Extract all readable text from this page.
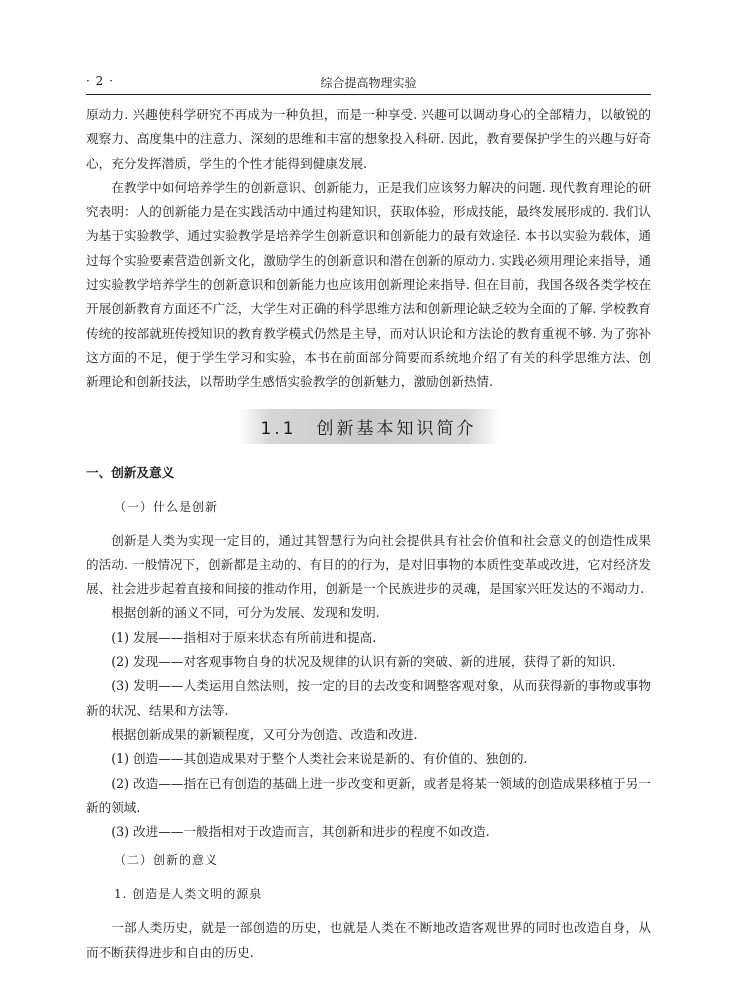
· 2 ·	综合提高物理实验

原动力. 兴趣使科学研究不再成为一种负担，而是一种享受. 兴趣可以调动身心的全部精力，以敏锐的观察力、高度集中的注意力、深刻的思维和丰富的想象投入科研. 因此，教育要保护学生的兴趣与好奇心，充分发挥潜质，学生的个性才能得到健康发展.

在教学中如何培养学生的创新意识、创新能力，正是我们应该努力解决的问题. 现代教育理论的研究表明：人的创新能力是在实践活动中通过构建知识，获取体验，形成技能，最终发展形成的. 我们认为基于实验教学、通过实验教学是培养学生创新意识和创新能力的最有效途径. 本书以实验为载体，通过每个实验要素营造创新文化，激励学生的创新意识和潜在创新的原动力. 实践必须用理论来指导，通过实验教学培养学生的创新意识和创新能力也应该用创新理论来指导. 但在目前，我国各级各类学校在开展创新教育方面还不广泛，大学生对正确的科学思维方法和创新理论缺乏较为全面的了解. 学校教育传统的按部就班传授知识的教育教学模式仍然是主导，而对认识论和方法论的教育重视不够. 为了弥补这方面的不足，便于学生学习和实验，本书在前面部分简要而系统地介绍了有关的科学思维方法、创新理论和创新技法，以帮助学生感悟实验教学的创新魅力，激励创新热情.

1.1　创新基本知识简介
一、创新及意义
（一）什么是创新

创新是人类为实现一定目的，通过其智慧行为向社会提供具有社会价值和社会意义的创造性成果的活动. 一般情况下，创新都是主动的、有目的的行为，是对旧事物的本质性变革或改进，它对经济发展、社会进步起着直接和间接的推动作用，创新是一个民族进步的灵魂，是国家兴旺发达的不竭动力.

根据创新的涵义不同，可分为发展、发现和发明.

(1) 发展——指相对于原来状态有所前进和提高.

(2) 发现——对客观事物自身的状况及规律的认识有新的突破、新的进展，获得了新的知识.

(3) 发明——人类运用自然法则，按一定的目的去改变和调整客观对象，从而获得新的事物或事物新的状况、结果和方法等.

根据创新成果的新颖程度，又可分为创造、改造和改进.

(1) 创造——其创造成果对于整个人类社会来说是新的、有价值的、独创的.

(2) 改造——指在已有创造的基础上进一步改变和更新，或者是将某一领域的创造成果移植于另一新的领域.

(3) 改进——一般指相对于改造而言，其创新和进步的程度不如改造.

（二）创新的意义
1. 创造是人类文明的源泉

一部人类历史，就是一部创造的历史，也就是人类在不断地改造客观世界的同时也改造自身，从而不断获得进步和自由的历史.
